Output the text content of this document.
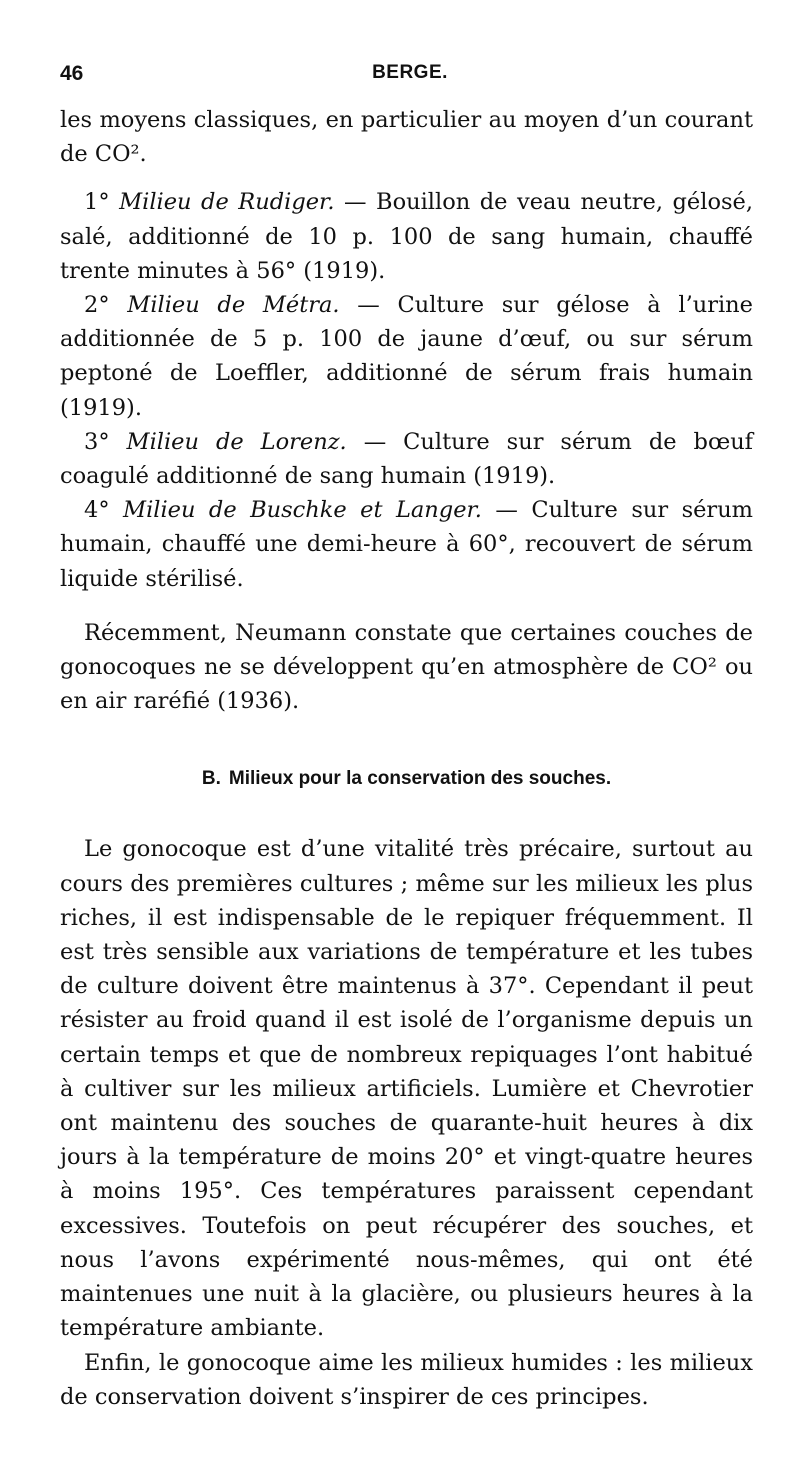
46	BERGE.

les moyens classiques, en particulier au moyen d’un courant de CO².

1° Milieu de Rudiger. — Bouillon de veau neutre, gélosé, salé, additionné de 10 p. 100 de sang humain, chauffé trente minutes à 56° (1919).

2° Milieu de Métra. — Culture sur gélose à l’urine additionnée de 5 p. 100 de jaune d’œuf, ou sur sérum peptoné de Loeffler, additionné de sérum frais humain (1919).

3° Milieu de Lorenz. — Culture sur sérum de bœuf coagulé additionné de sang humain (1919).

4° Milieu de Buschke et Langer. — Culture sur sérum humain, chauffé une demi-heure à 60°, recouvert de sérum liquide stérilisé.

Récemment, Neumann constate que certaines couches de gonocoques ne se développent qu’en atmosphère de CO² ou en air raréfié (1936).

B. Milieux pour la conservation des souches.

Le gonocoque est d’une vitalité très précaire, surtout au cours des premières cultures ; même sur les milieux les plus riches, il est indispensable de le repiquer fréquemment. Il est très sensible aux variations de température et les tubes de culture doivent être maintenus à 37°. Cependant il peut résister au froid quand il est isolé de l’organisme depuis un certain temps et que de nombreux repiquages l’ont habitué à cultiver sur les milieux artificiels. Lumière et Chevrotier ont maintenu des souches de quarante-huit heures à dix jours à la température de moins 20° et vingt-quatre heures à moins 195°. Ces températures paraissent cependant excessives. Toutefois on peut récupérer des souches, et nous l’avons expérimenté nous-mêmes, qui ont été maintenues une nuit à la glacière, ou plusieurs heures à la température ambiante.

Enfin, le gonocoque aime les milieux humides : les milieux de conservation doivent s’inspirer de ces principes.
